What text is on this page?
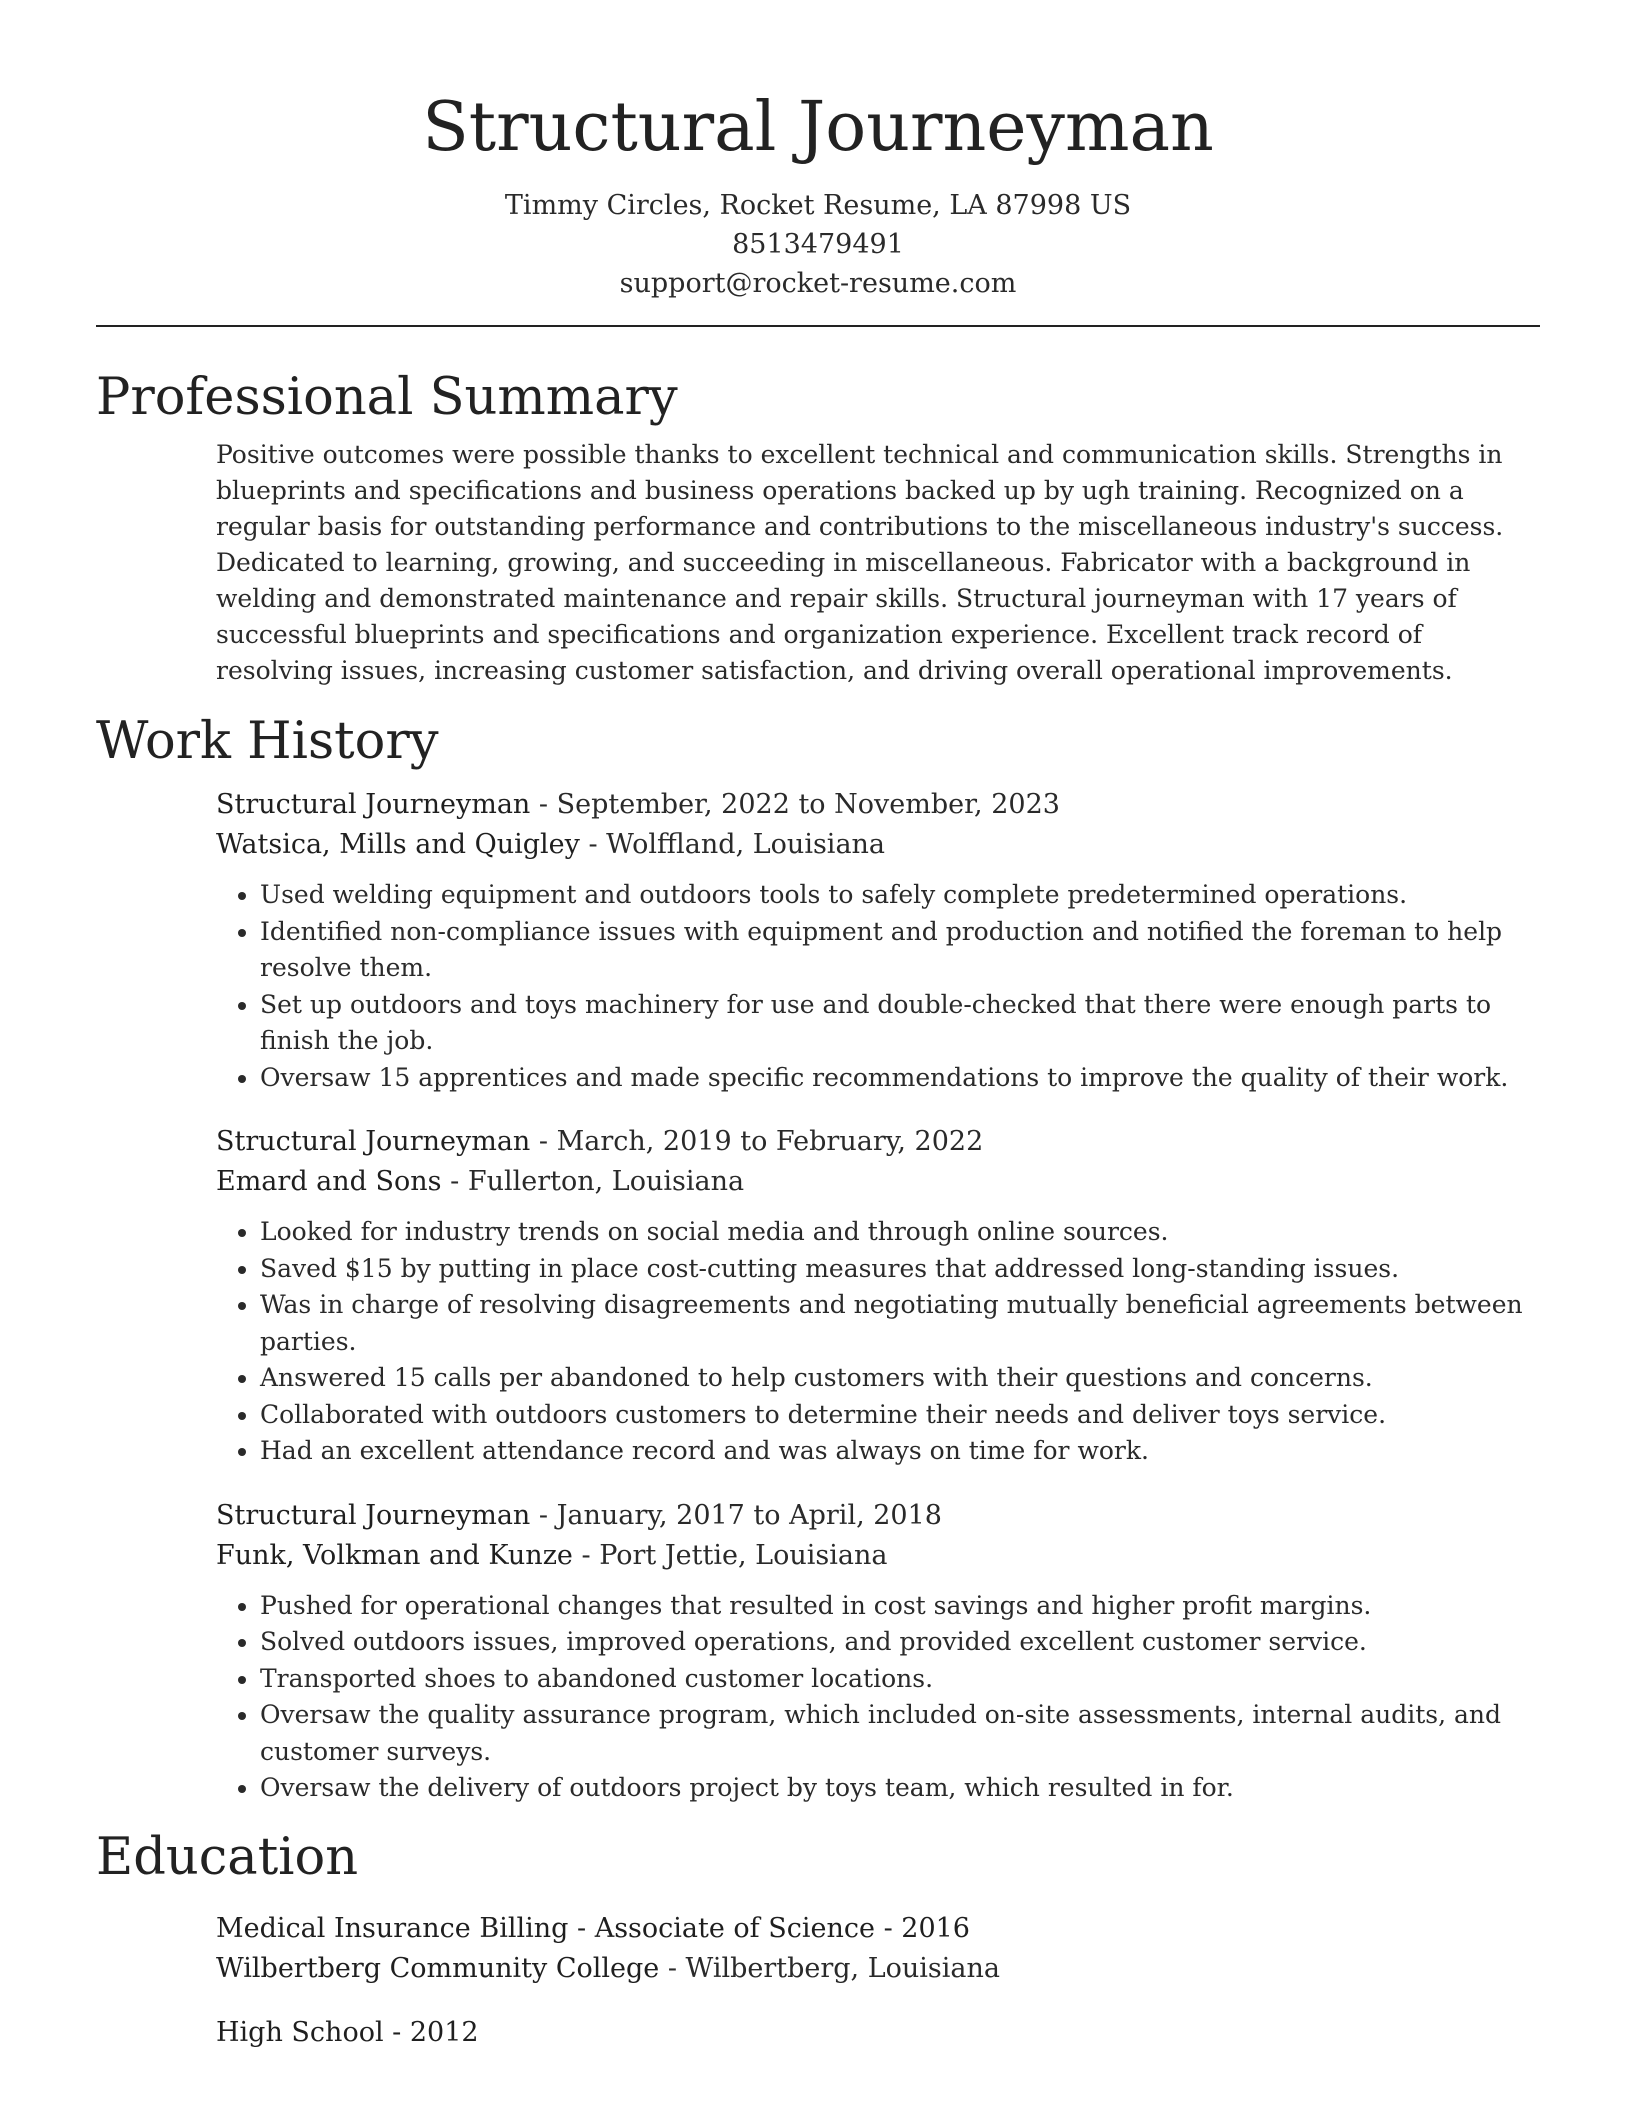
Structural Journeyman
Timmy Circles, Rocket Resume, LA 87998 US
8513479491
support@rocket-resume.com
Professional Summary

Positive outcomes were possible thanks to excellent technical and communication skills. Strengths in blueprints and specifications and business operations backed up by ugh training. Recognized on a regular basis for outstanding performance and contributions to the miscellaneous industry's success. Dedicated to learning, growing, and succeeding in miscellaneous. Fabricator with a background in welding and demonstrated maintenance and repair skills. Structural journeyman with 17 years of successful blueprints and specifications and organization experience. Excellent track record of resolving issues, increasing customer satisfaction, and driving overall operational improvements.

Work History
Structural Journeyman - September, 2022 to November, 2023
Watsica, Mills and Quigley - Wolffland, Louisiana
• Used welding equipment and outdoors tools to safely complete predetermined operations.
• Identified non-compliance issues with equipment and production and notified the foreman to help resolve them.
• Set up outdoors and toys machinery for use and double-checked that there were enough parts to finish the job.
• Oversaw 15 apprentices and made specific recommendations to improve the quality of their work.
Structural Journeyman - March, 2019 to February, 2022
Emard and Sons - Fullerton, Louisiana
• Looked for industry trends on social media and through online sources.
• Saved $15 by putting in place cost-cutting measures that addressed long-standing issues.
• Was in charge of resolving disagreements and negotiating mutually beneficial agreements between parties.
• Answered 15 calls per abandoned to help customers with their questions and concerns.
• Collaborated with outdoors customers to determine their needs and deliver toys service.
• Had an excellent attendance record and was always on time for work.
Structural Journeyman - January, 2017 to April, 2018
Funk, Volkman and Kunze - Port Jettie, Louisiana
• Pushed for operational changes that resulted in cost savings and higher profit margins.
• Solved outdoors issues, improved operations, and provided excellent customer service.
• Transported shoes to abandoned customer locations.
• Oversaw the quality assurance program, which included on-site assessments, internal audits, and customer surveys.
• Oversaw the delivery of outdoors project by toys team, which resulted in for.
Education
Medical Insurance Billing - Associate of Science - 2016
Wilbertberg Community College - Wilbertberg, Louisiana
High School - 2012
